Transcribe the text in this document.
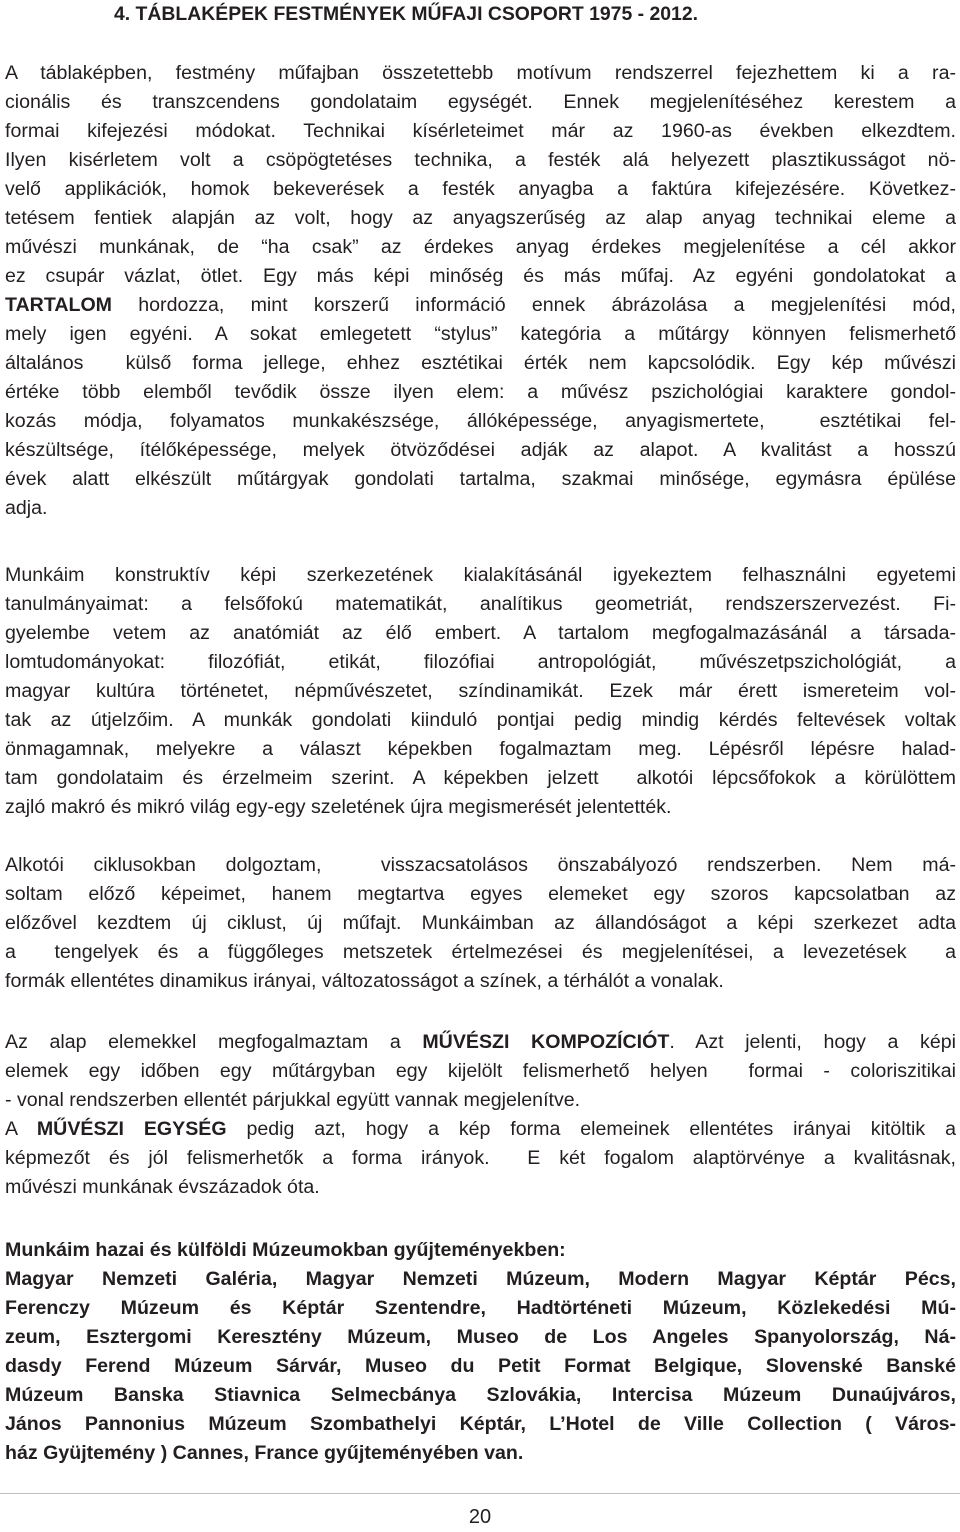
4. TÁBLAKÉPEK FESTMÉNYEK MŰFAJI CSOPORT 1975 - 2012.
A táblaképben, festmény műfajban összetettebb motívum rendszerrel fejezhettem ki a ra-
cionális és transzcendens gondolataim egységét. Ennek megjelenítéséhez kerestem a
formai kifejezési módokat. Technikai kísérleteimet már az 1960-as években elkezdtem.
Ilyen kisérletem volt a csöpögtetéses technika, a festék alá helyezett plasztikusságot nö-
velő applikációk, homok bekeverések a festék anyagba a faktúra kifejezésére. Következ-
tetésem fentiek alapján az volt, hogy az anyagszerűség az alap anyag technikai eleme a
művészi munkának, de “ha csak” az érdekes anyag érdekes megjelenítése a cél akkor
ez csupár vázlat, ötlet. Egy más képi minőség és más műfaj. Az egyéni gondolatokat a
TARTALOM hordozza, mint korszerű információ ennek ábrázolása a megjelenítési mód,
mely igen egyéni. A sokat emlegetett “stylus” kategória a műtárgy könnyen felismerhető
általános  külső forma jellege, ehhez esztétikai érték nem kapcsolódik. Egy kép művészi
értéke több elemből tevődik össze ilyen elem: a művész pszichológiai karaktere gondol-
kozás módja, folyamatos munkakészsége, állóképessége, anyagismertete,  esztétikai fel-
készültsége, ítélőképessége, melyek ötvöződései adják az alapot. A kvalitást a hosszú
évek alatt elkészült műtárgyak gondolati tartalma, szakmai minősége, egymásra épülése
adja.
Munkáim konstruktív képi szerkezetének kialakításánál igyekeztem felhasználni egyetemi
tanulmányaimat: a felsőfokú matematikát, analítikus geometriát, rendszerszervezést. Fi-
gyelembe vetem az anatómiát az élő embert. A tartalom megfogalmazásánál a társada-
lomtudományokat: filozófiát, etikát, filozófiai antropológiát, művészetpszichológiát, a
magyar kultúra történetet, népművészetet, színdinamikát. Ezek már érett ismereteim vol-
tak az útjelzőim. A munkák gondolati kiinduló pontjai pedig mindig kérdés feltevések voltak
önmagamnak, melyekre a választ képekben fogalmaztam meg. Lépésről lépésre halad-
tam gondolataim és érzelmeim szerint. A képekben jelzett  alkotói lépcsőfokok a körülöttem
zajló makró és mikró világ egy-egy szeletének újra megismerését jelentették.
Alkotói ciklusokban dolgoztam,  visszacsatolásos önszabályozó rendszerben. Nem má-
soltam előző képeimet, hanem megtartva egyes elemeket egy szoros kapcsolatban az
előzővel kezdtem új ciklust, új műfajt. Munkáimban az állandóságot a képi szerkezet adta
a  tengelyek és a függőleges metszetek értelmezései és megjelenítései, a levezetések  a
formák ellentétes dinamikus irányai, változatosságot a színek, a térhálót a vonalak.
Az alap elemekkel megfogalmaztam a MŰVÉSZI KOMPOZÍCIÓT. Azt jelenti, hogy a képi
elemek egy időben egy műtárgyban egy kijelölt felismerhető helyen  formai - coloriszitikai
- vonal rendszerben ellentét párjukkal együtt vannak megjelenítve.
A MŰVÉSZI EGYSÉG pedig azt, hogy a kép forma elemeinek ellentétes irányai kitöltik a
képmezőt és jól felismerhetők a forma irányok.  E két fogalom alaptörvénye a kvalitásnak,
művészi munkának évszázadok óta.
Munkáim hazai és külföldi Múzeumokban gyűjteményekben:
Magyar Nemzeti Galéria, Magyar Nemzeti Múzeum, Modern Magyar Képtár Pécs,
Ferenczy Múzeum és Képtár Szentendre, Hadtörténeti Múzeum, Közlekedési Mú-
zeum, Esztergomi Keresztény Múzeum, Museo de Los Angeles Spanyolország, Ná-
dasdy Ferend Múzeum Sárvár, Museo du Petit Format Belgique, Slovenské Banské
Múzeum Banska Stiavnica Selmecbánya Szlovákia, Intercisa Múzeum Dunaújváros,
János Pannonius Múzeum Szombathelyi Képtár, L’Hotel de Ville Collection ( Város-
ház Gyüjtemény ) Cannes, France gyűjteményében van.
20
